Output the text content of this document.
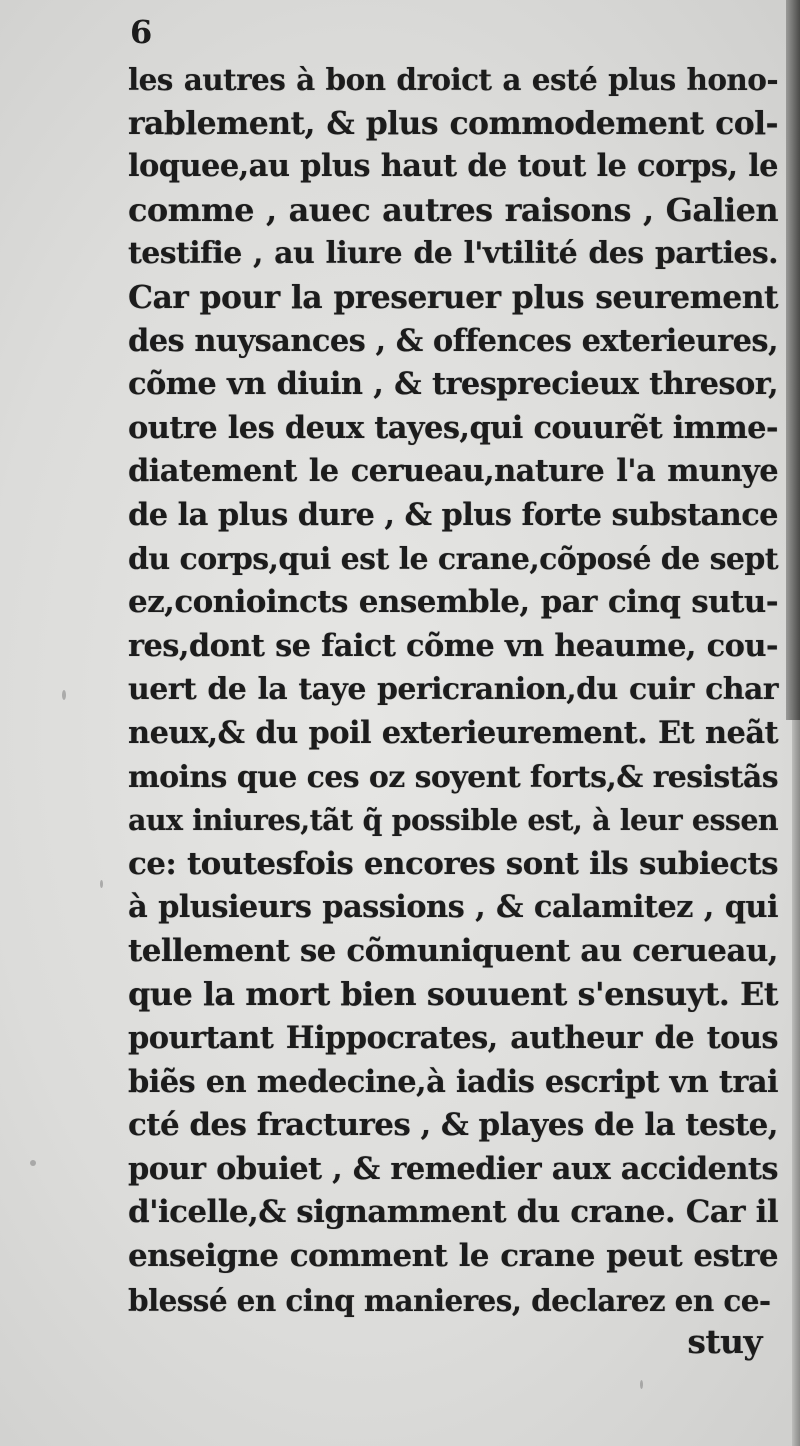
6
les autres à bon droict a esté plus hono-
rablement, & plus commodement col-
loquee,au plus haut de tout le corps, le
comme , auec autres raisons , Galien
testifie , au liure de l'vtilité des parties.
Car pour la preseruer plus seurement
des nuysances , & offences exterieures,
cõme vn diuin , & tresprecieux thresor,
outre les deux tayes,qui couurẽt imme-
diatement le cerueau,nature l'a munye
de la plus dure , & plus forte substance
du corps,qui est le crane,cõposé de sept
ez,conioincts ensemble, par cinq sutu-
res,dont se faict cõme vn heaume, cou-
uert de la taye pericranion,du cuir char
neux,& du poil exterieurement. Et neãt
moins que ces oz soyent forts,& resistãs
aux iniures,tãt q̃ possible est, à leur essen
ce: toutesfois encores sont ils subiects
à plusieurs passions , & calamitez , qui
tellement se cõmuniquent au cerueau,
que la mort bien souuent s'ensuyt. Et
pourtant Hippocrates, autheur de tous
biẽs en medecine,à iadis escript vn trai
cté des fractures , & playes de la teste,
pour obuiet , & remedier aux accidents
d'icelle,& signamment du crane. Car il
enseigne comment le crane peut estre
blessé en cinq manieres, declarez en ce-
stuy
